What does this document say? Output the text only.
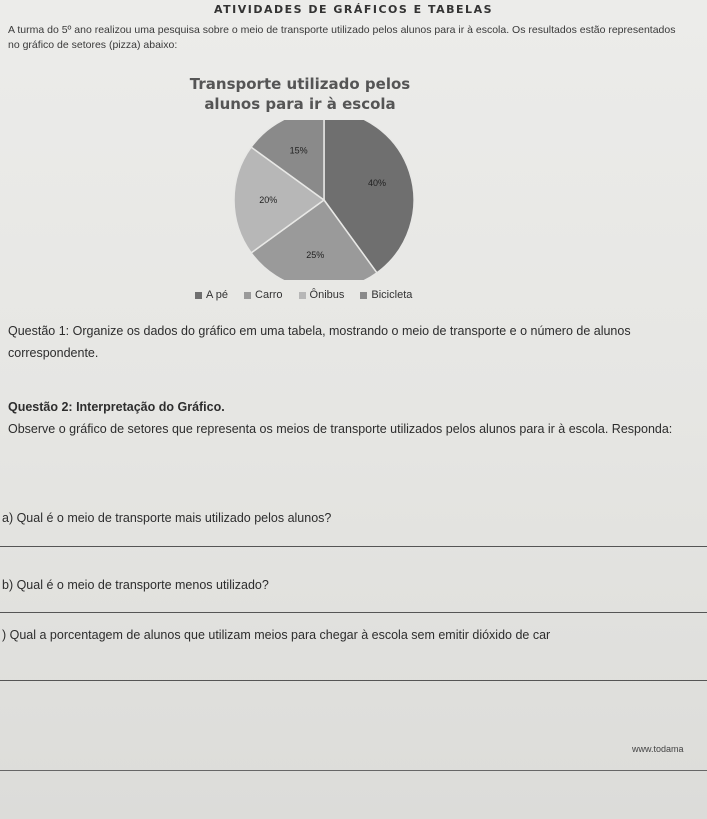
ATIVIDADES DE GRÁFICOS E TABELAS
A turma do 5º ano realizou uma pesquisa sobre o meio de transporte utilizado pelos alunos para ir à escola. Os resultados estão representados no gráfico de setores (pizza) abaixo:
Transporte utilizado pelos alunos para ir à escola
40%
25%
20%
15%
A pé Carro Ônibus Bicicleta
Questão 1: Organize os dados do gráfico em uma tabela, mostrando o meio de transporte e o número de alunos correspondente.
Questão 2: Interpretação do Gráfico.
Observe o gráfico de setores que representa os meios de transporte utilizados pelos alunos para ir à escola. Responda:
a) Qual é o meio de transporte mais utilizado pelos alunos?
b) Qual é o meio de transporte menos utilizado?
) Qual a porcentagem de alunos que utilizam meios para chegar à escola sem emitir dióxido de car
www.todama
